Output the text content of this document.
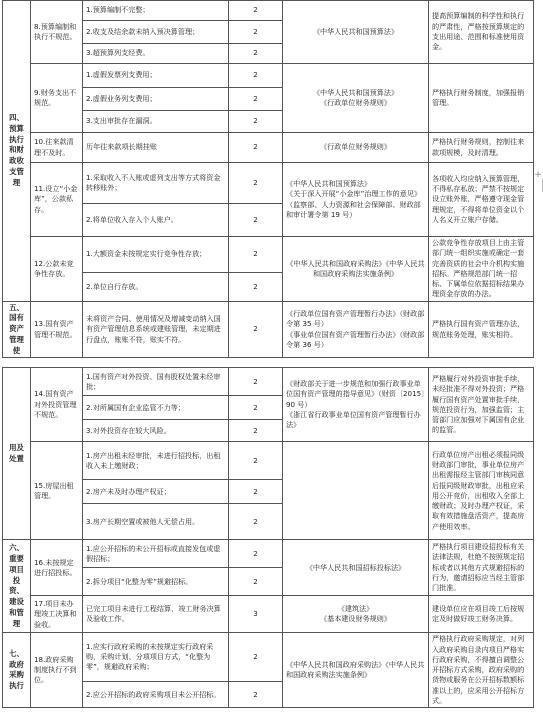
四、预算执行和财政收支管理	8.预算编制和执行不规范。	1.预算编制不完整；	2	《中华人民共和国预算法》	提高预算编制的科学性和执行的严肃性，严格按预算规定的支出用途、范围和标准使用资金。
		2.收支及结余款未纳入预决算管理；	2		
		3.超预算列支经费。	2		
	9.财务支出不规范。	1.虚假发票列支费用；	2	《中华人民共和国预算法》
《行政单位财务规则》	严格执行财务制度，加强报销管理。
		2.虚假业务列支费用；	2		
		3.支出审批存在漏洞。	2		
	10.往来款清理不及时。	历年往来款项长期挂账	2	《行政单位财务规则》	严格执行财务规则，控制往来款项规模，及时清理。
	11.设立“小金库”，公款私存。	1.采取收入不入账或虚列支出等方式将资金转移账外；	2	《中华人民共和国预算法》
《关于深入开展“小金库”治理工作的意见》（监察部、人力资源和社会保障部、财政部和审计署令第 19 号）	各项收入均应纳入预算管理，不得私存私放；严禁不按规定设立账外账，严格遵守现金管理规定，不得将单位资金以个人名义开立账户存储。
		2.将单位收入存入个人账户。	2		
	12.公款未竞争性存放。	1.大额资金未按规定实行竞争性存放；	2	《中华人民共和国政府采购法》《中华人民共和国政府采购法实施条例》	公款竞争性存放项目上由主管部门统一组织实施或确定一套完善资质的社会中介机构实施招标。严格规范部门统一招标、下属单位依据招标结果办理资金存放的办法。
		2.单位自行存放。	2		
五、国有资产管理使	13.国有资产管理不规范。	未将资产合同、使用情况及增减变动纳入国有资产管理信息系统或建账管理，未定期进行盘点，账账不符，账实不符。	2	《行政单位国有资产管理暂行办法》（财政部令第 35 号）
《事业单位国有资产管理暂行办法》（财政部令第 36 号）	严格执行国有资产管理办法，规范账务处理，账实相符。
用及处置	14.国有资产对外投资管理不规范。	1.国有资产对外投资、国有股权处置未经审批；	2	《财政部关于进一步规范和加强行政事业单位国有资产管理的指导意见》（财资〔2015〕90 号）
《浙江省行政事业单位国有资产管理暂行办法》	严格履行对外投资审批手续，未经批准不得对外投资；严格履行国有资产处置审批手续，规范投资行为，加强监管；主管部门应加强对下属国有企业的监管。
		2.对所属国有企业监管不力等；	2		
		3.对外投资存在较大风险。	2		
	15.房屋出租管理。	1.房产出租未经审批，未进行招投标，出租收入未上缴财政；	2		行政单位房产出租必须报同级财政部门审批，事业单位房产出租需报经主管部门审核同意后报同级财政审批，出租应采用公开竞价，出租收入全部上缴财政；及时办理产权证，采取有效措施盘活资产，提高房产使用效率。
		2.房产未及时办理产权证；	2		
		3.房产长期空置或被他人无偿占用。	2		
六、重要项目投资、建设和管理	16.未按规定进行招投标。	1.应公开招标的未公开招标或直接发包或虚假招标；	2	《中华人民共和国招标投标法》	严格执行项目建设招投标有关法律法规，杜绝不按照规定招标或者以其他方式规避招标的行为，邀请招标应当经主管部门批准。
		2.拆分项目“化整为零”规避招标。	2		
	17.项目未办理竣工决算和验收。	已完工项目未进行工程结算，竣工财务决算及验收工作。	3	《建筑法》
《基本建设财务规则》	建设单位应在项目竣工后按规定及时做好竣工财务决算。
七、政府采购执行	18.政府采购制度执行不到位。	1.应实行政府采购的未按规定实行政府采购，采购计划、分项项目方式，“化整为零”，规避政府采购；	2	《中华人民共和国政府采购法》《中华人民共和国政府采购法实施条例》	严格执行政府采购规定，对列入政府采购目录内项目严格实行政府采购，不得擅自调整公开招标方式采购，政府采购的货物或服务在公开招标数额标准以上的，应采用公开招标方式。
		2.应公开招标的政府采购项目未公开招标。	2		
+
